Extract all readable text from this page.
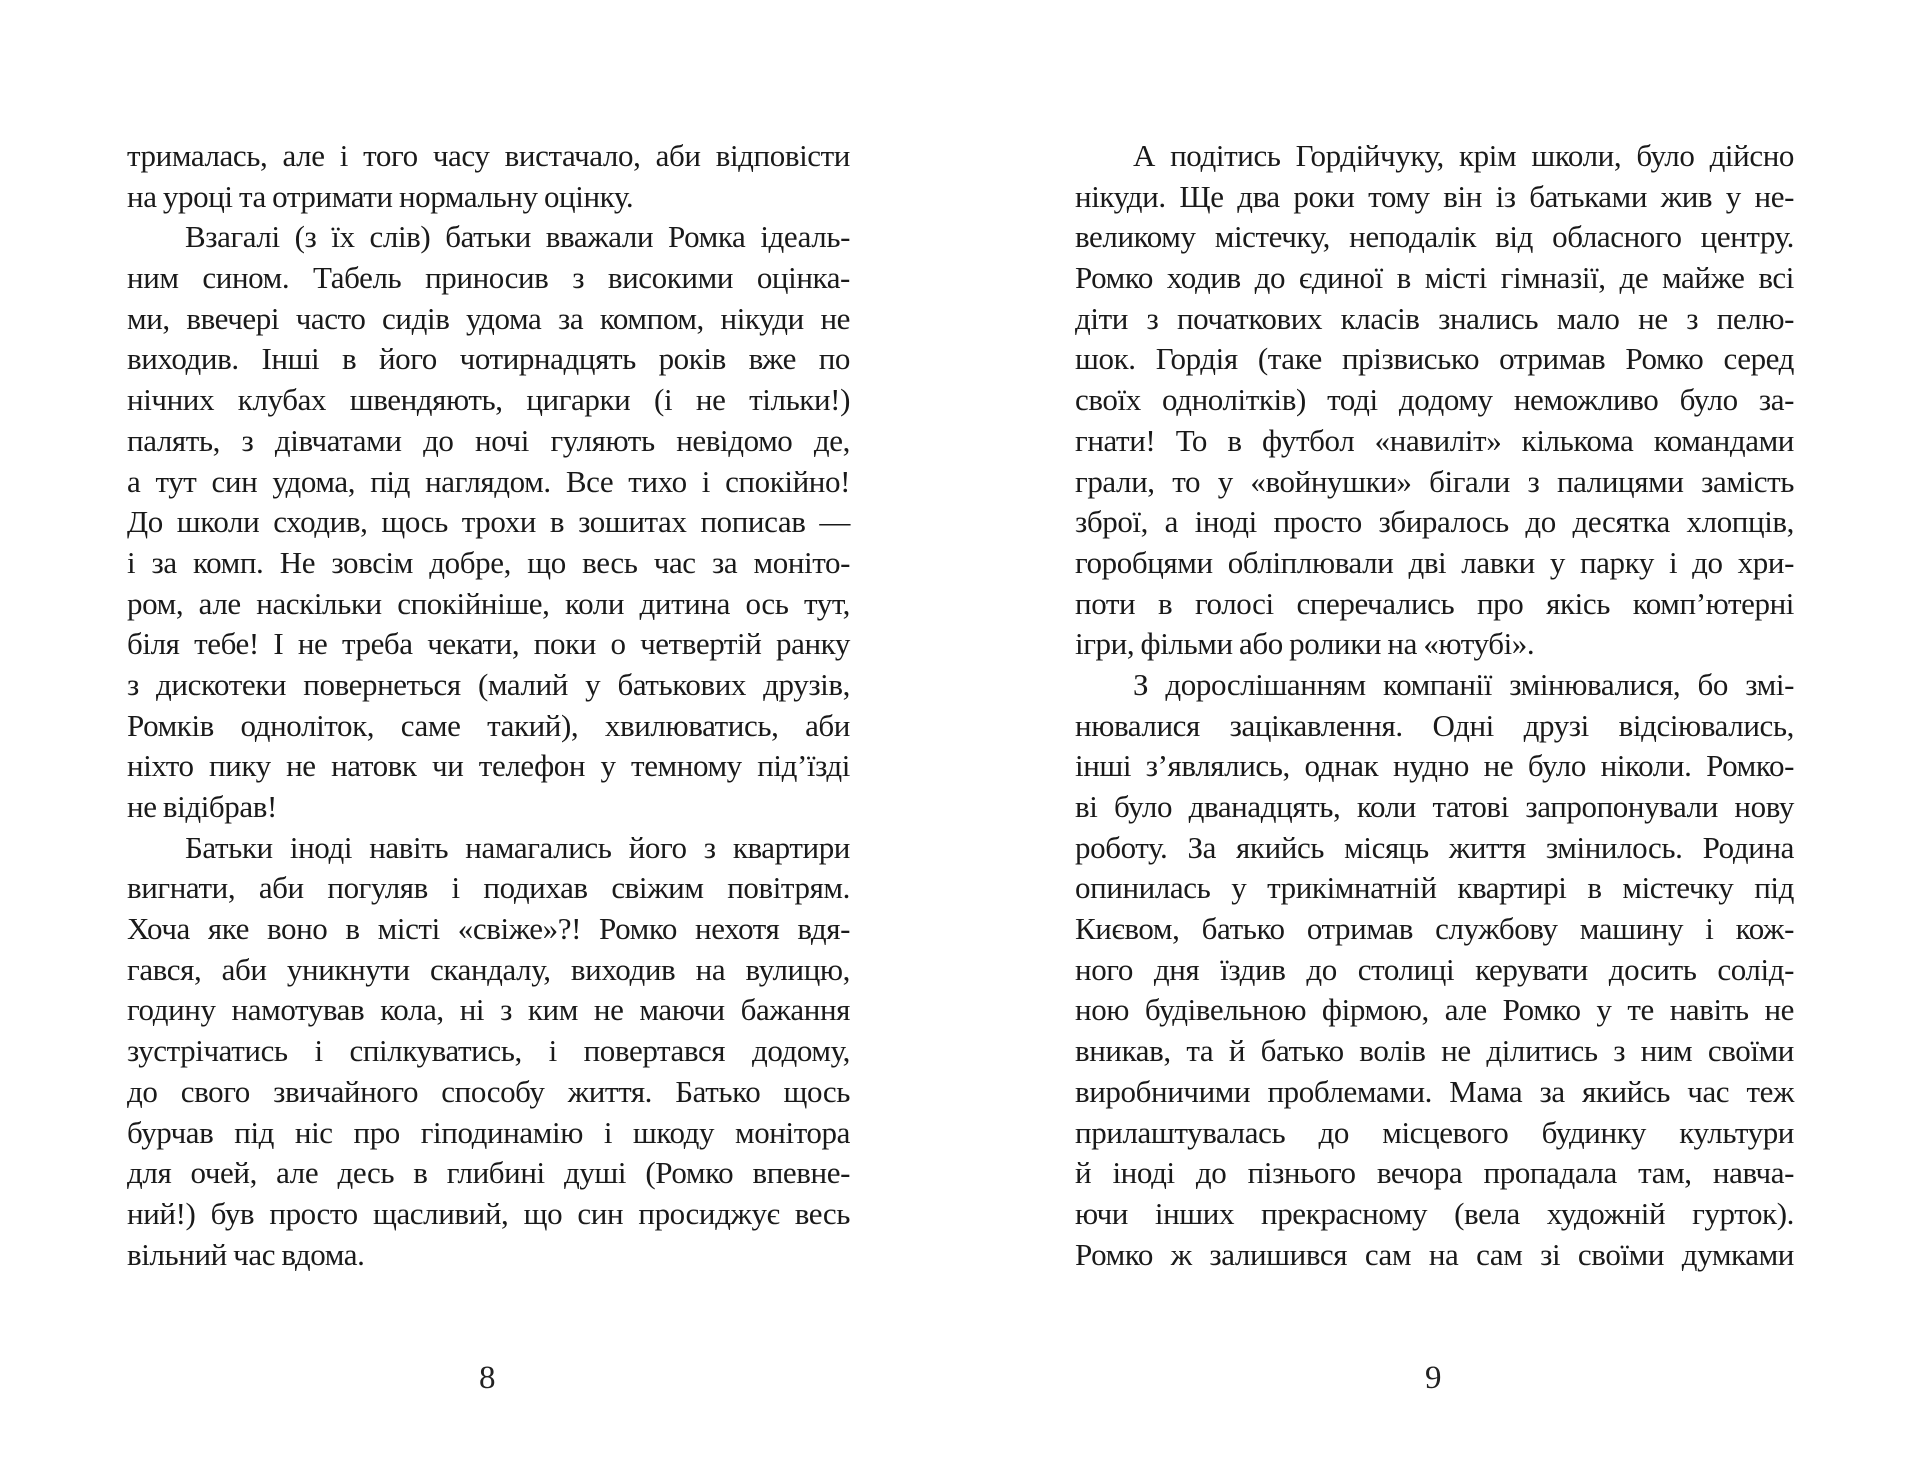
трималась, але і того часу вистачало, аби відповісти
на уроці та отримати нормальну оцінку.
Взагалі (з їх слів) батьки вважали Ромка ідеаль-
ним сином. Табель приносив з високими оцінка-
ми, ввечері часто сидів удома за компом, нікуди не
виходив. Інші в його чотирнадцять років вже по
нічних клубах швендяють, цигарки (і не тільки!)
палять, з дівчатами до ночі гуляють невідомо де,
а тут син удома, під наглядом. Все тихо і спокійно!
До школи сходив, щось трохи в зошитах пописав —
і за комп. Не зовсім добре, що весь час за моніто-
ром, але наскільки спокійніше, коли дитина ось тут,
біля тебе! І не треба чекати, поки о четвертій ранку
з дискотеки повернеться (малий у батькових друзів,
Ромків одноліток, саме такий), хвилюватись, аби
ніхто пику не натовк чи телефон у темному під’їзді
не відібрав!
Батьки іноді навіть намагались його з квартири
вигнати, аби погуляв і подихав свіжим повітрям.
Хоча яке воно в місті «свіже»?! Ромко нехотя вдя-
гався, аби уникнути скандалу, виходив на вулицю,
годину намотував кола, ні з ким не маючи бажання
зустрічатись і спілкуватись, і повертався додому,
до свого звичайного способу життя. Батько щось
бурчав під ніс про гіподинамію і шкоду монітора
для очей, але десь в глибині душі (Ромко впевне-
ний!) був просто щасливий, що син просиджує весь
вільний час вдома.
8
А подітись Гордійчуку, крім школи, було дійсно
нікуди. Ще два роки тому він із батьками жив у не-
великому містечку, неподалік від обласного центру.
Ромко ходив до єдиної в місті гімназії, де майже всі
діти з початкових класів знались мало не з пелю-
шок. Гордія (таке прізвисько отримав Ромко серед
своїх однолітків) тоді додому неможливо було за-
гнати! То в футбол «навиліт» кількома командами
грали, то у «войнушки» бігали з палицями замість
зброї, а іноді просто збиралось до десятка хлопців,
горобцями обліплювали дві лавки у парку і до хри-
поти в голосі сперечались про якісь комп’ютерні
ігри, фільми або ролики на «ютубі».
З дорослішанням компанії змінювалися, бо змі-
нювалися зацікавлення. Одні друзі відсіювались,
інші з’являлись, однак нудно не було ніколи. Ромко-
ві було дванадцять, коли татові запропонували нову
роботу. За якийсь місяць життя змінилось. Родина
опинилась у трикімнатній квартирі в містечку під
Києвом, батько отримав службову машину і кож-
ного дня їздив до столиці керувати досить солід-
ною будівельною фірмою, але Ромко у те навіть не
вникав, та й батько волів не ділитись з ним своїми
виробничими проблемами. Мама за якийсь час теж
прилаштувалась до місцевого будинку культури
й іноді до пізнього вечора пропадала там, навча-
ючи інших прекрасному (вела художній гурток).
Ромко ж залишився сам на сам зі своїми думками
9
